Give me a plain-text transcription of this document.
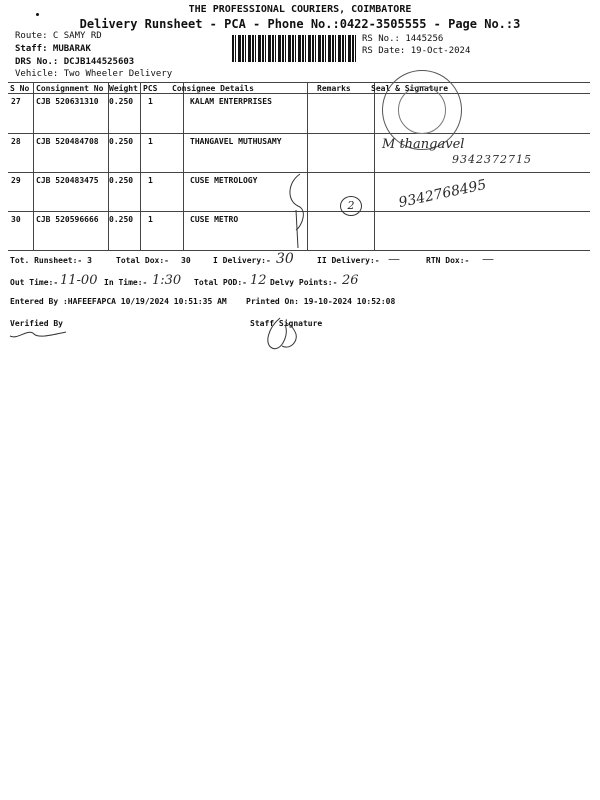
THE PROFESSIONAL COURIERS, COIMBATORE
Delivery Runsheet - PCA - Phone No.:0422-3505555 - Page No.:3
Route: C SAMY RD
Staff: MUBARAK
DRS No.: DCJB144525603
Vehicle: Two Wheeler Delivery
RS No.: 1445256
RS Date: 19-Oct-2024
S No Consignment No Weight PCS Consignee Details	Remarks	Seal & Signature
27 CJB 520631310 0.250 1	KALAM ENTERPRISES
28 CJB 520484708 0.250 1	THANGAVEL MUTHUSAMY
29 CJB 520483475 0.250 1	CUSE METROLOGY
30 CJB 520596666 0.250 1	CUSE METRO
M thangavel
9342372715
9342768495
2
Tot. Runsheet:- 3	Total Dox:- 30	I Delivery:- 30	II Delivery:- —	RTN Dox:- —
Out Time:- 11-00 In Time:- 1:30 Total POD:- 12 Delvy Points:- 26
Entered By :HAFEEFAPCA 10/19/2024 10:51:35 AM Printed On: 19-10-2024 10:52:08
Verified By	Staff Signature
